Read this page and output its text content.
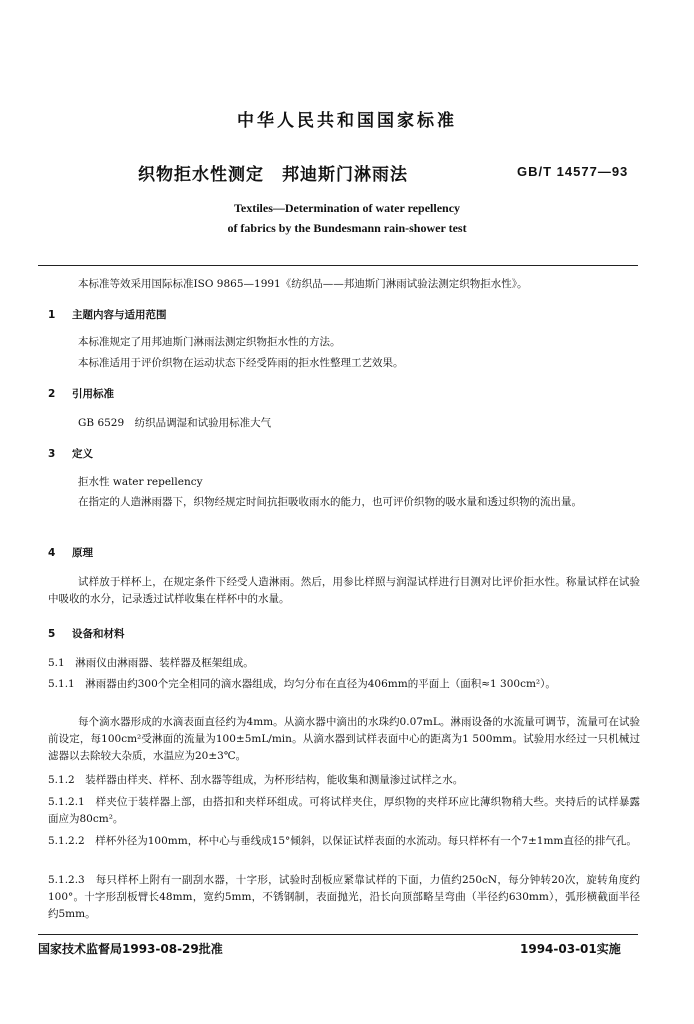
中华人民共和国国家标准
织物拒水性测定　邦迪斯门淋雨法	GB/T 14577—93
Textiles—Determination of water repellency
of fabrics by the Bundesmann rain-shower test
本标准等效采用国际标准ISO 9865—1991《纺织品——邦迪斯门淋雨试验法测定织物拒水性》。
1 主题内容与适用范围
本标准规定了用邦迪斯门淋雨法测定织物拒水性的方法。
本标准适用于评价织物在运动状态下经受阵雨的拒水性整理工艺效果。
2 引用标准
GB 6529　纺织品调湿和试验用标准大气
3 定义
拒水性 water repellency
在指定的人造淋雨器下，织物经规定时间抗拒吸收雨水的能力，也可评价织物的吸水量和透过织物的流出量。
4 原理
试样放于样杯上，在规定条件下经受人造淋雨。然后，用参比样照与润湿试样进行目测对比评价拒水性。称量试样在试验中吸收的水分，记录透过试样收集在样杯中的水量。
5 设备和材料
5.1　淋雨仪由淋雨器、装样器及框架组成。
5.1.1　淋雨器由约300个完全相同的滴水器组成，均匀分布在直径为406mm的平面上（面积≈1 300cm²）。
每个滴水器形成的水滴表面直径约为4mm。从滴水器中滴出的水珠约0.07mL。淋雨设备的水流量可调节，流量可在试验前设定，每100cm²受淋面的流量为100±5mL/min。从滴水器到试样表面中心的距离为1 500mm。试验用水经过一只机械过滤器以去除较大杂质，水温应为20±3℃。
5.1.2　装样器由样夹、样杯、刮水器等组成，为杯形结构，能收集和测量渗过试样之水。
5.1.2.1　样夹位于装样器上部，由搭扣和夹样环组成。可将试样夹住，厚织物的夹样环应比薄织物稍大些。夹持后的试样暴露面应为80cm²。
5.1.2.2　样杯外径为100mm，杯中心与垂线成15°倾斜，以保证试样表面的水流动。每只样杯有一个7±1mm直径的排气孔。
5.1.2.3　每只样杯上附有一副刮水器，十字形，试验时刮板应紧靠试样的下面，力值约250cN，每分钟转20次，旋转角度约100°。十字形刮板臂长48mm，宽约5mm，不锈钢制，表面抛光，沿长向顶部略呈弯曲（半径约630mm），弧形横截面半径约5mm。
国家技术监督局1993-08-29批准	1994-03-01实施
